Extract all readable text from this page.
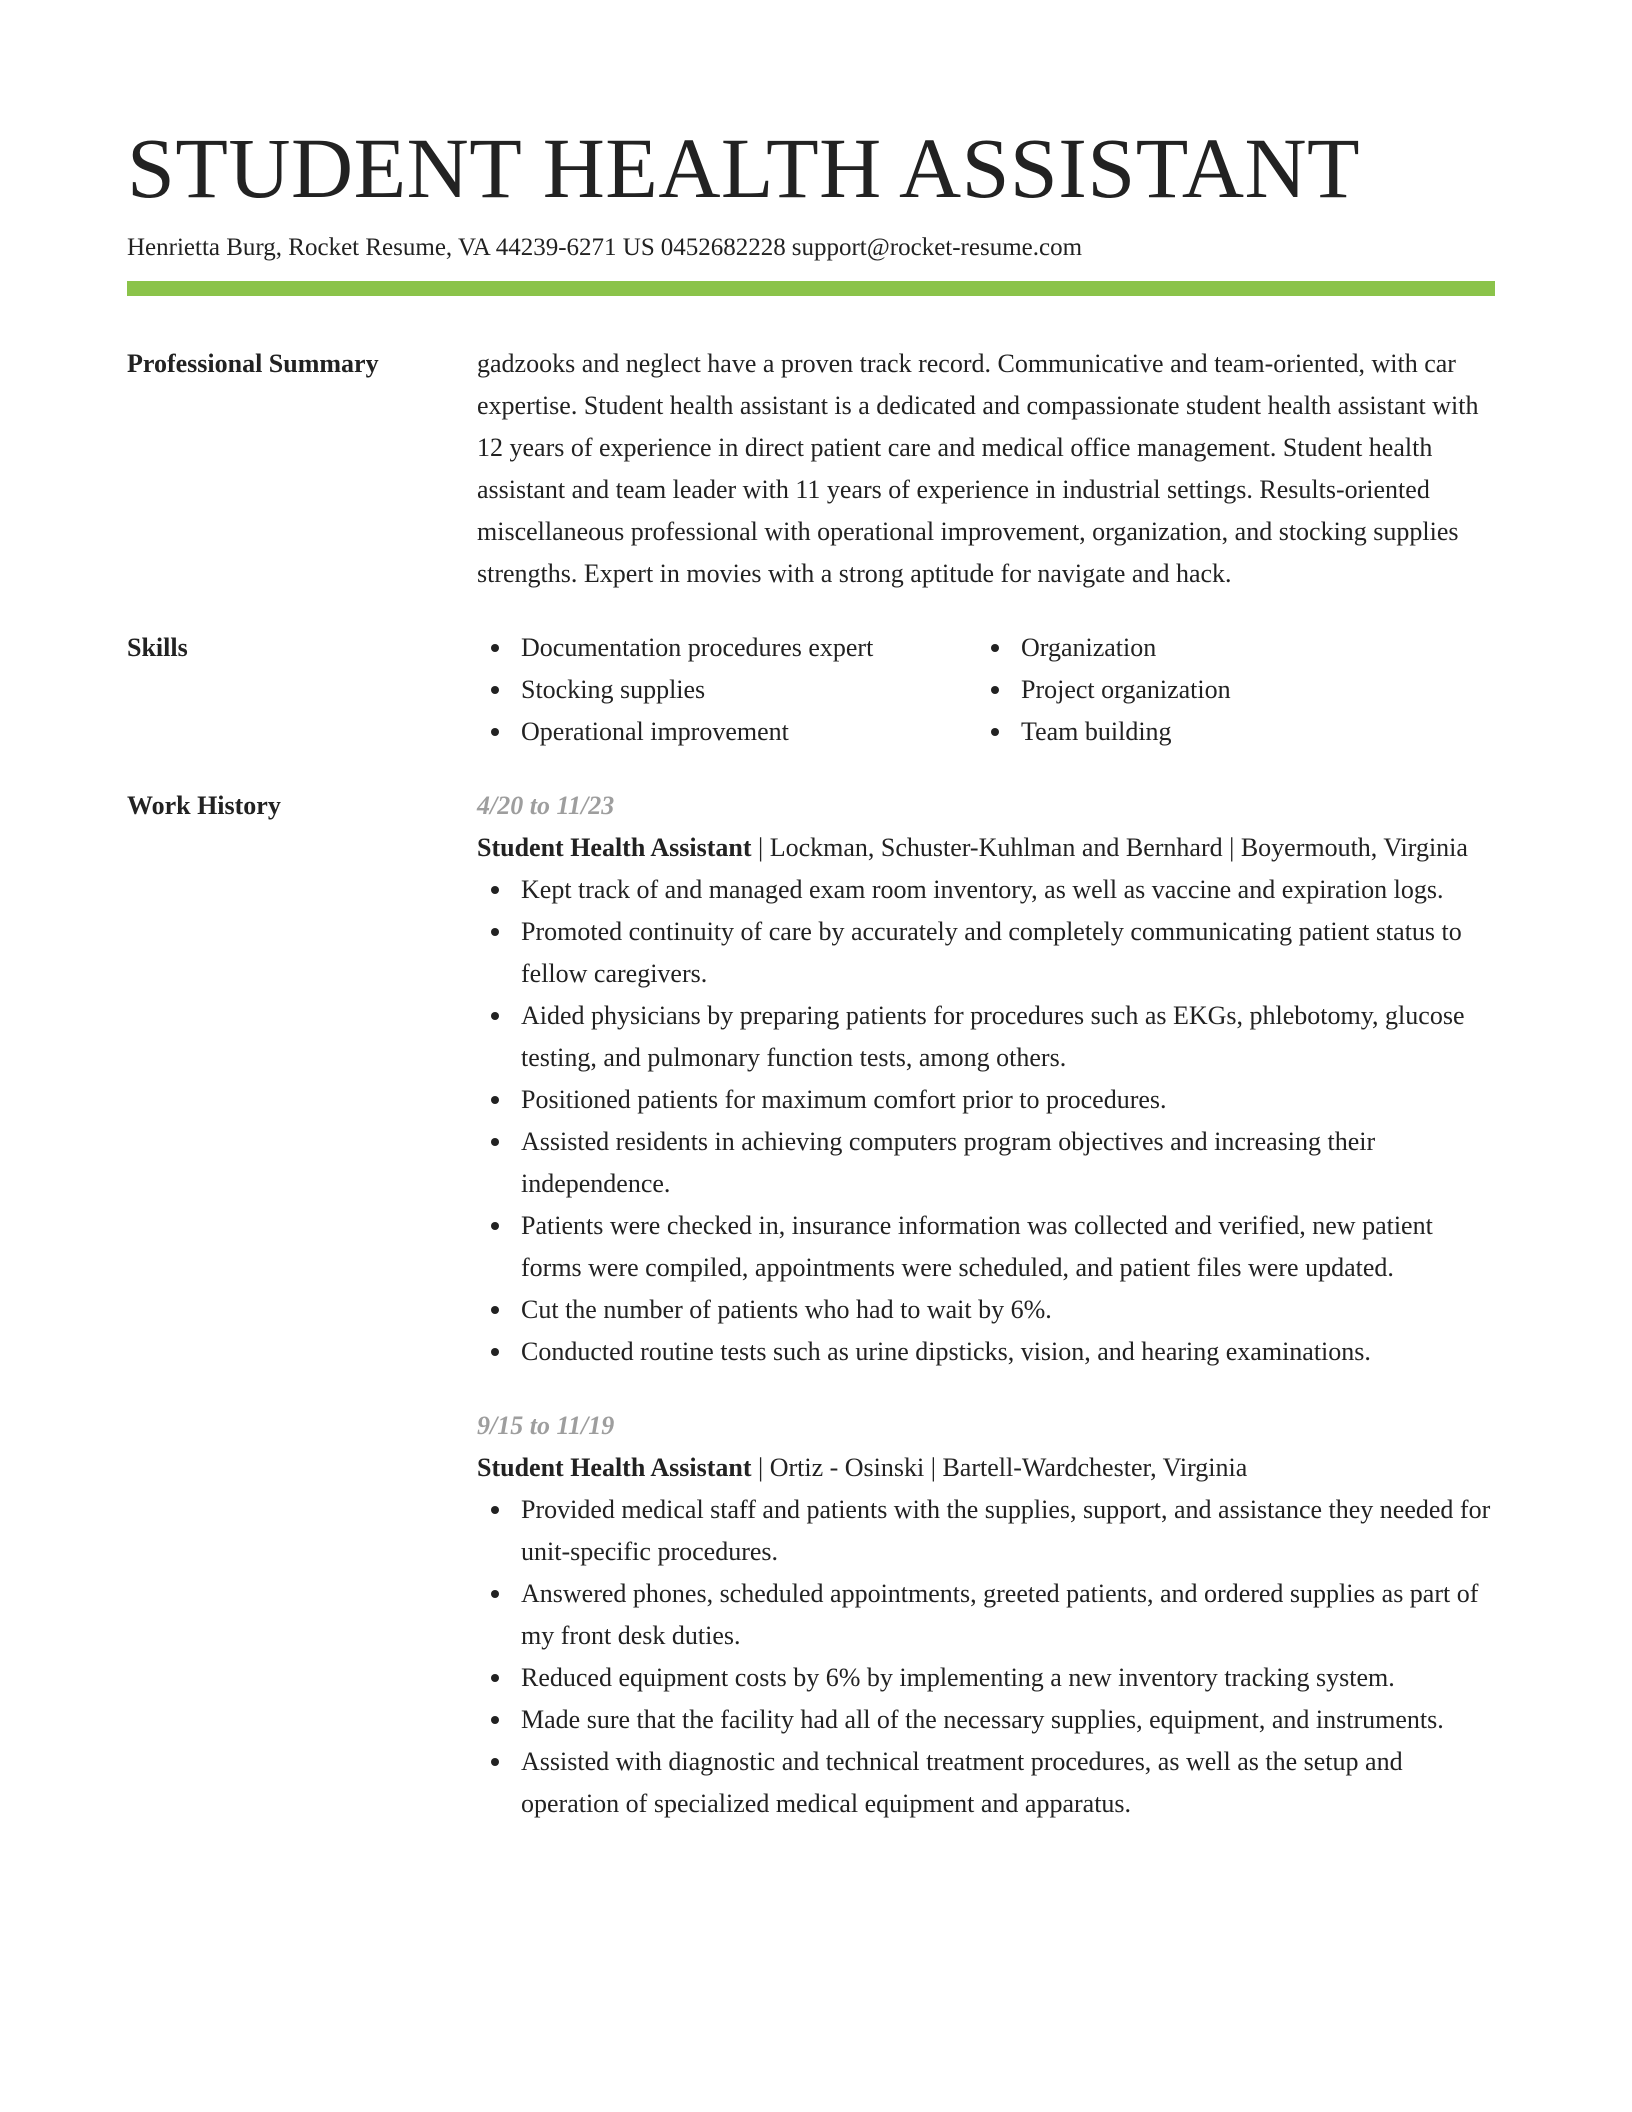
STUDENT HEALTH ASSISTANT
Henrietta Burg, Rocket Resume, VA 44239-6271 US 0452682228 support@rocket-resume.com
Professional Summary	gadzooks and neglect have a proven track record. Communicative and team-oriented, with car expertise. Student health assistant is a dedicated and compassionate student health assistant with 12 years of experience in direct patient care and medical office management. Student health assistant and team leader with 11 years of experience in industrial settings. Results-oriented miscellaneous professional with operational improvement, organization, and stocking supplies strengths. Expert in movies with a strong aptitude for navigate and hack.
Skills	Documentation procedures expert
Stocking supplies
Operational improvement
Organization
Project organization
Team building
Work History	4/20 to 11/23
Student Health Assistant | Lockman, Schuster-Kuhlman and Bernhard | Boyermouth, Virginia
Kept track of and managed exam room inventory, as well as vaccine and expiration logs.
Promoted continuity of care by accurately and completely communicating patient status to fellow caregivers.
Aided physicians by preparing patients for procedures such as EKGs, phlebotomy, glucose testing, and pulmonary function tests, among others.
Positioned patients for maximum comfort prior to procedures.
Assisted residents in achieving computers program objectives and increasing their independence.
Patients were checked in, insurance information was collected and verified, new patient forms were compiled, appointments were scheduled, and patient files were updated.
Cut the number of patients who had to wait by 6%.
Conducted routine tests such as urine dipsticks, vision, and hearing examinations.
9/15 to 11/19
Student Health Assistant | Ortiz - Osinski | Bartell-Wardchester, Virginia
Provided medical staff and patients with the supplies, support, and assistance they needed for unit-specific procedures.
Answered phones, scheduled appointments, greeted patients, and ordered supplies as part of my front desk duties.
Reduced equipment costs by 6% by implementing a new inventory tracking system.
Made sure that the facility had all of the necessary supplies, equipment, and instruments.
Assisted with diagnostic and technical treatment procedures, as well as the setup and operation of specialized medical equipment and apparatus.
